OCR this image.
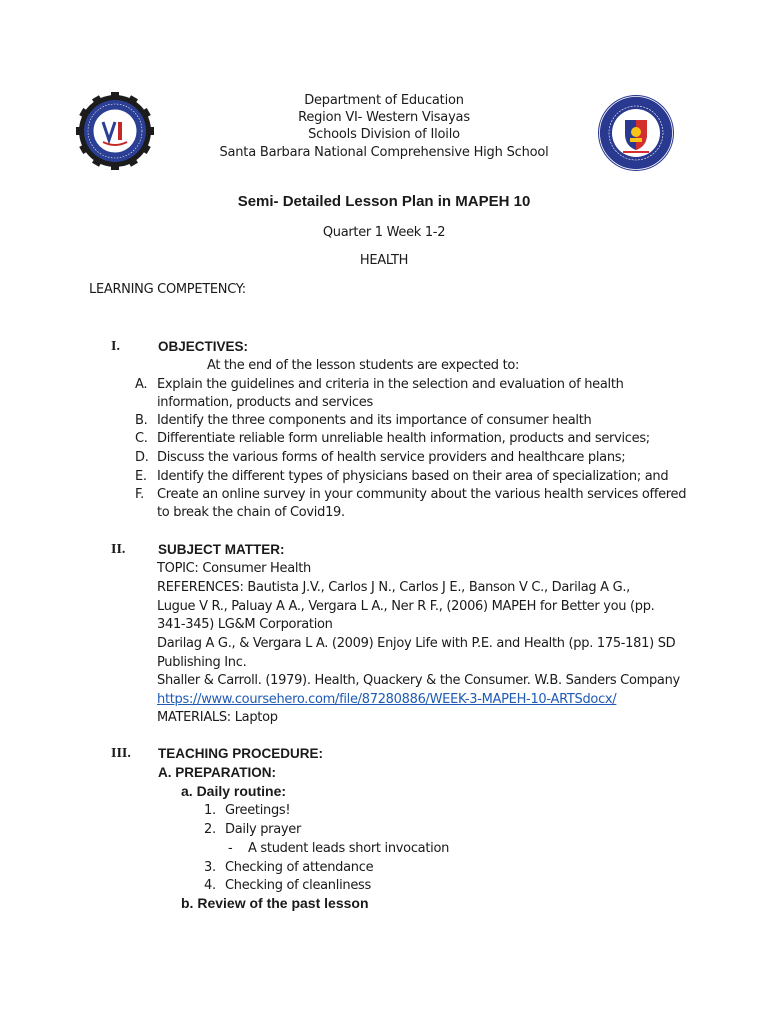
Department of Education
Region VI- Western Visayas
Schools Division of Iloilo
Santa Barbara National Comprehensive High School
Semi- Detailed Lesson Plan in MAPEH 10
Quarter 1 Week 1-2
HEALTH
LEARNING COMPETENCY:
I.	OBJECTIVES:
At the end of the lesson students are expected to:
A. Explain the guidelines and criteria in the selection and evaluation of health
information, products and services
B. Identify the three components and its importance of consumer health
C. Differentiate reliable form unreliable health information, products and services;
D. Discuss the various forms of health service providers and healthcare plans;
E. Identify the different types of physicians based on their area of specialization; and
F. Create an online survey in your community about the various health services offered
to break the chain of Covid19.
II. SUBJECT MATTER:
TOPIC: Consumer Health
REFERENCES: Bautista J.V., Carlos J N., Carlos J E., Banson V C., Darilag A G.,
Lugue V R., Paluay A A., Vergara L A., Ner R F., (2006) MAPEH for Better you (pp.
341-345) LG&M Corporation
Darilag A G., & Vergara L A. (2009) Enjoy Life with P.E. and Health (pp. 175-181) SD
Publishing Inc.
Shaller & Carroll. (1979). Health, Quackery & the Consumer. W.B. Sanders Company
https://www.coursehero.com/file/87280886/WEEK-3-MAPEH-10-ARTSdocx/
MATERIALS: Laptop
III. TEACHING PROCEDURE:
A. PREPARATION:
a. Daily routine:
1. Greetings!
2. Daily prayer
- A student leads short invocation
3. Checking of attendance
4. Checking of cleanliness
b. Review of the past lesson
